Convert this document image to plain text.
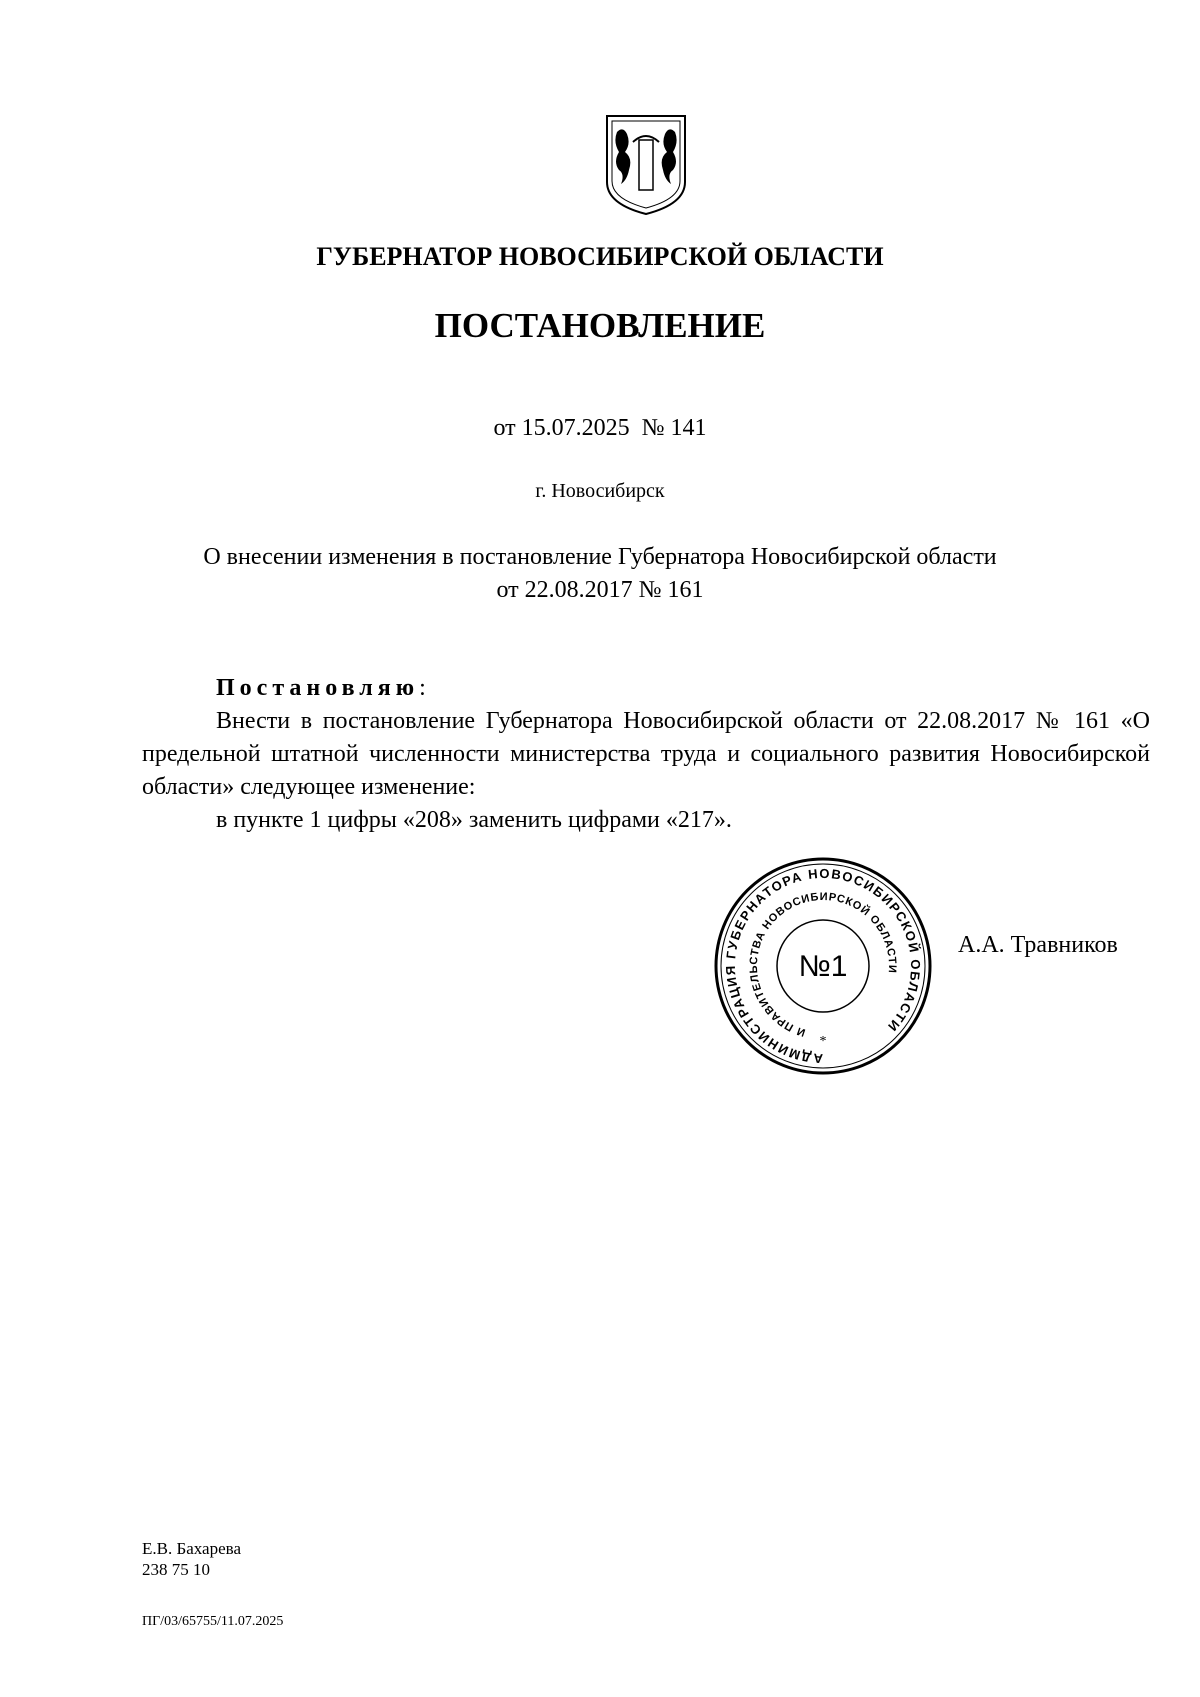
ГУБЕРНАТОР НОВОСИБИРСКОЙ ОБЛАСТИ
ПОСТАНОВЛЕНИЕ
от 15.07.2025  № 141
г. Новосибирск
О внесении изменения в постановление Губернатора Новосибирской области
от 22.08.2017 № 161
Постановляю:
Внести в постановление Губернатора Новосибирской области от 22.08.2017 № 161 «О предельной штатной численности министерства труда и социального развития Новосибирской области» следующее изменение:
в пункте 1 цифры «208» заменить цифрами «217».
АДМИНИСТРАЦИЯ ГУБЕРНАТОРА НОВОСИБИРСКОЙ ОБЛАСТИ
И ПРАВИТЕЛЬСТВА НОВОСИБИРСКОЙ ОБЛАСТИ
№1
*
А.А. Травников
Е.В. Бахарева
238 75 10
ПГ/03/65755/11.07.2025
